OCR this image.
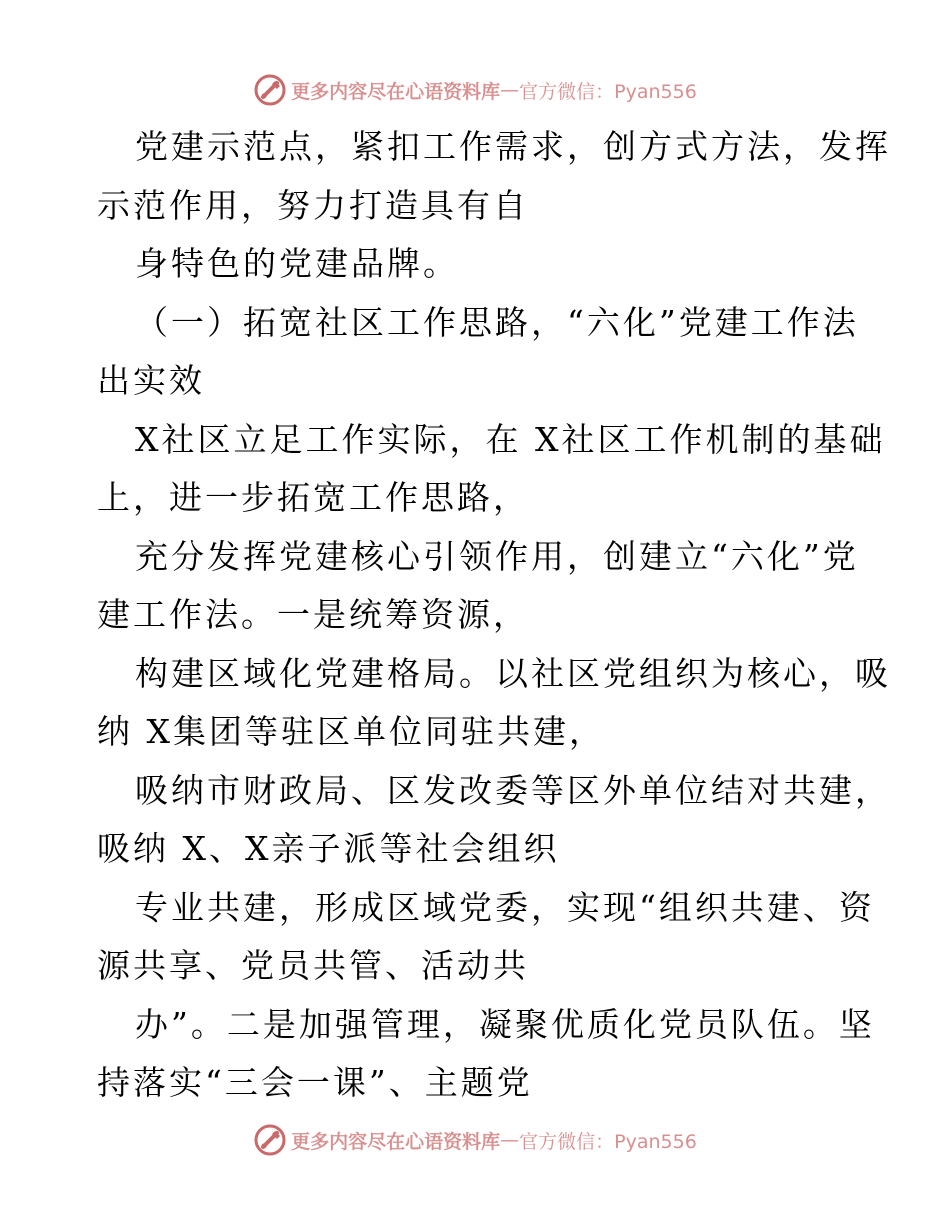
更多内容尽在心语资料库 — 官方微信：Pyan556
党建示范点，紧扣工作需求，创方式方法，发挥
示范作用，努力打造具有自
身特色的党建品牌。
（一）拓宽社区工作思路，“六化”党建工作法
出实效
X社区立足工作实际，在 X社区工作机制的基础
上，进一步拓宽工作思路，
充分发挥党建核心引领作用，创建立“六化”党
建工作法。一是统筹资源，
构建区域化党建格局。以社区党组织为核心，吸
纳 X集团等驻区单位同驻共建，
吸纳市财政局、区发改委等区外单位结对共建，
吸纳 X、X亲子派等社会组织
专业共建，形成区域党委，实现“组织共建、资
源共享、党员共管、活动共
办”。二是加强管理，凝聚优质化党员队伍。坚
持落实“三会一课”、主题党
更多内容尽在心语资料库 — 官方微信：Pyan556
